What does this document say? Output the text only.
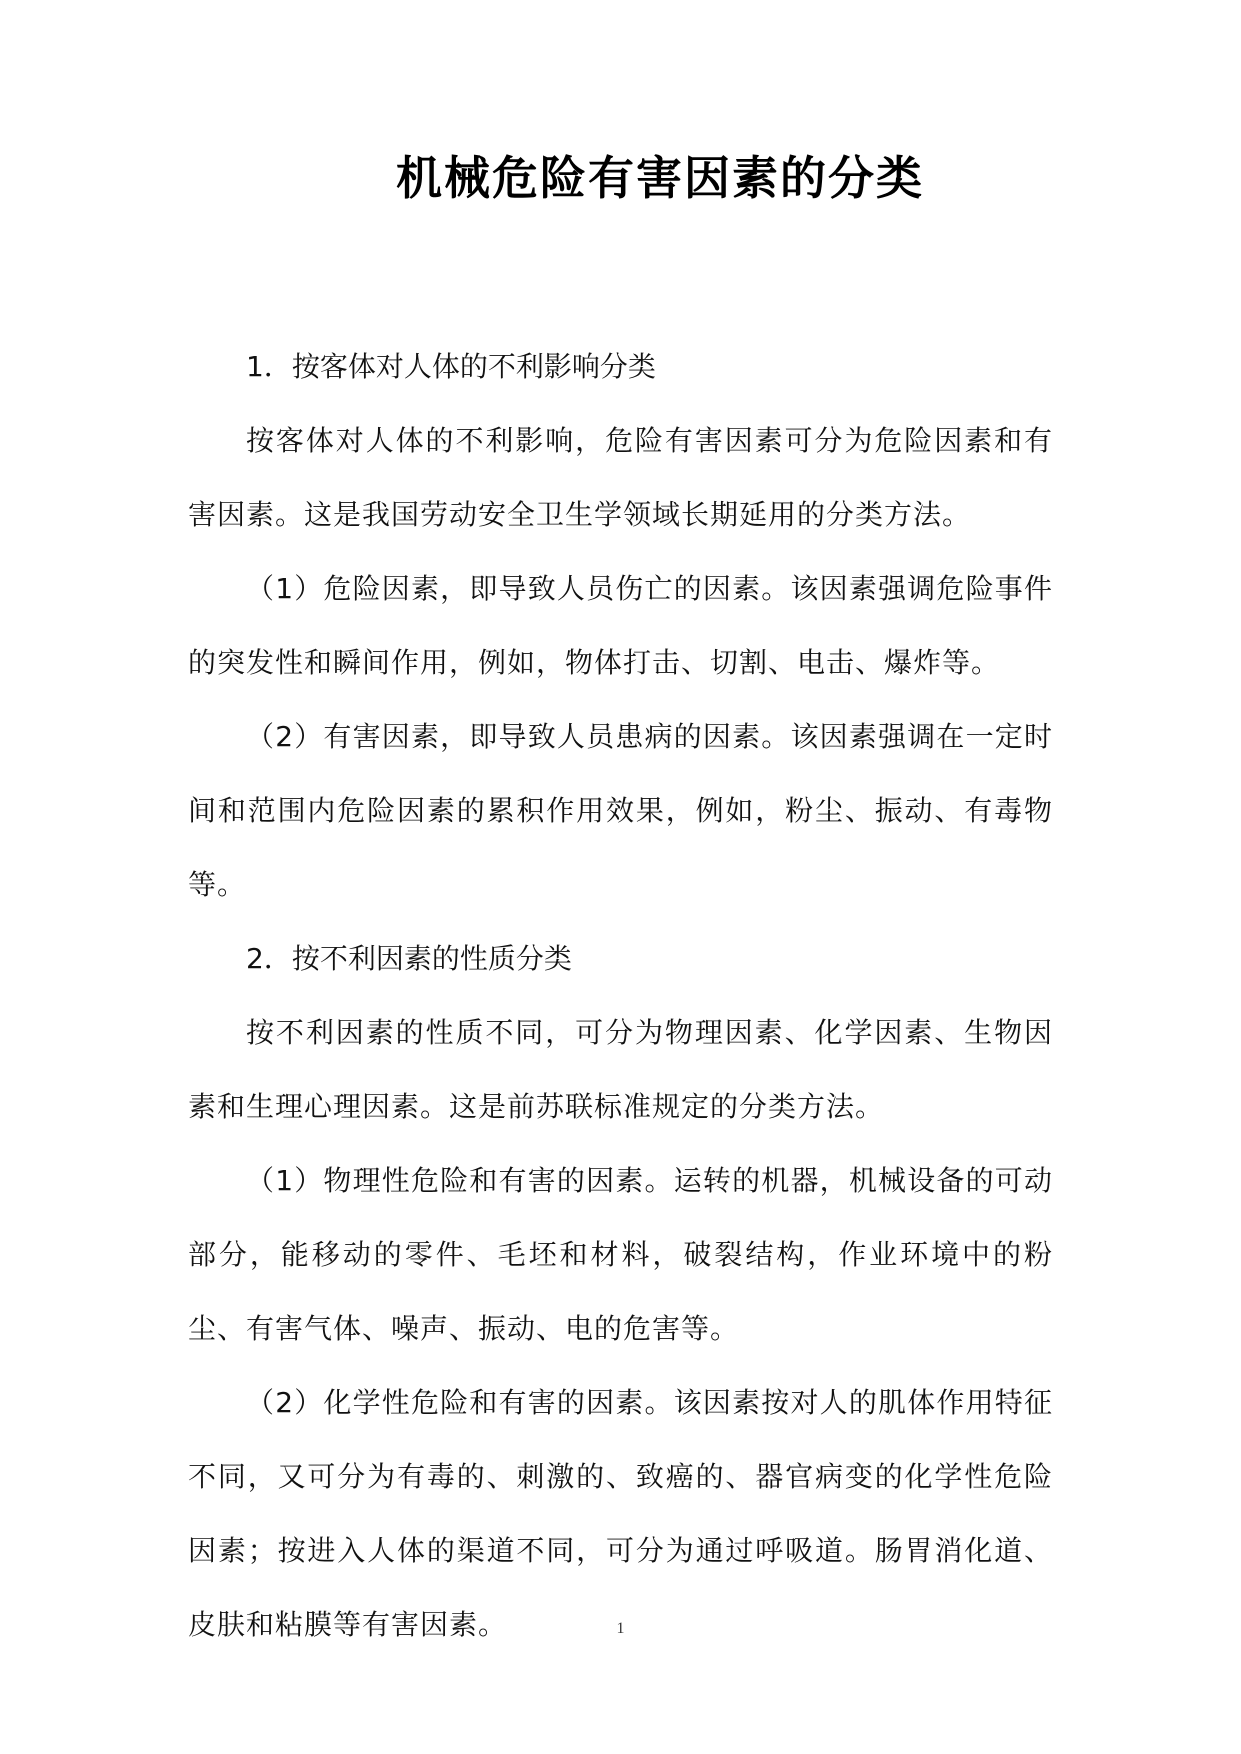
机械危险有害因素的分类

1．按客体对人体的不利影响分类

按客体对人体的不利影响，危险有害因素可分为危险因素和有害因素。这是我国劳动安全卫生学领域长期延用的分类方法。

（1）危险因素，即导致人员伤亡的因素。该因素强调危险事件的突发性和瞬间作用，例如，物体打击、切割、电击、爆炸等。

（2）有害因素，即导致人员患病的因素。该因素强调在一定时间和范围内危险因素的累积作用效果，例如，粉尘、振动、有毒物等。

2．按不利因素的性质分类

按不利因素的性质不同，可分为物理因素、化学因素、生物因素和生理心理因素。这是前苏联标准规定的分类方法。

（1）物理性危险和有害的因素。运转的机器，机械设备的可动部分，能移动的零件、毛坯和材料，破裂结构，作业环境中的粉尘、有害气体、噪声、振动、电的危害等。

（2）化学性危险和有害的因素。该因素按对人的肌体作用特征不同，又可分为有毒的、刺激的、致癌的、器官病变的化学性危险因素；按进入人体的渠道不同，可分为通过呼吸道。肠胃消化道、皮肤和粘膜等有害因素。	1
